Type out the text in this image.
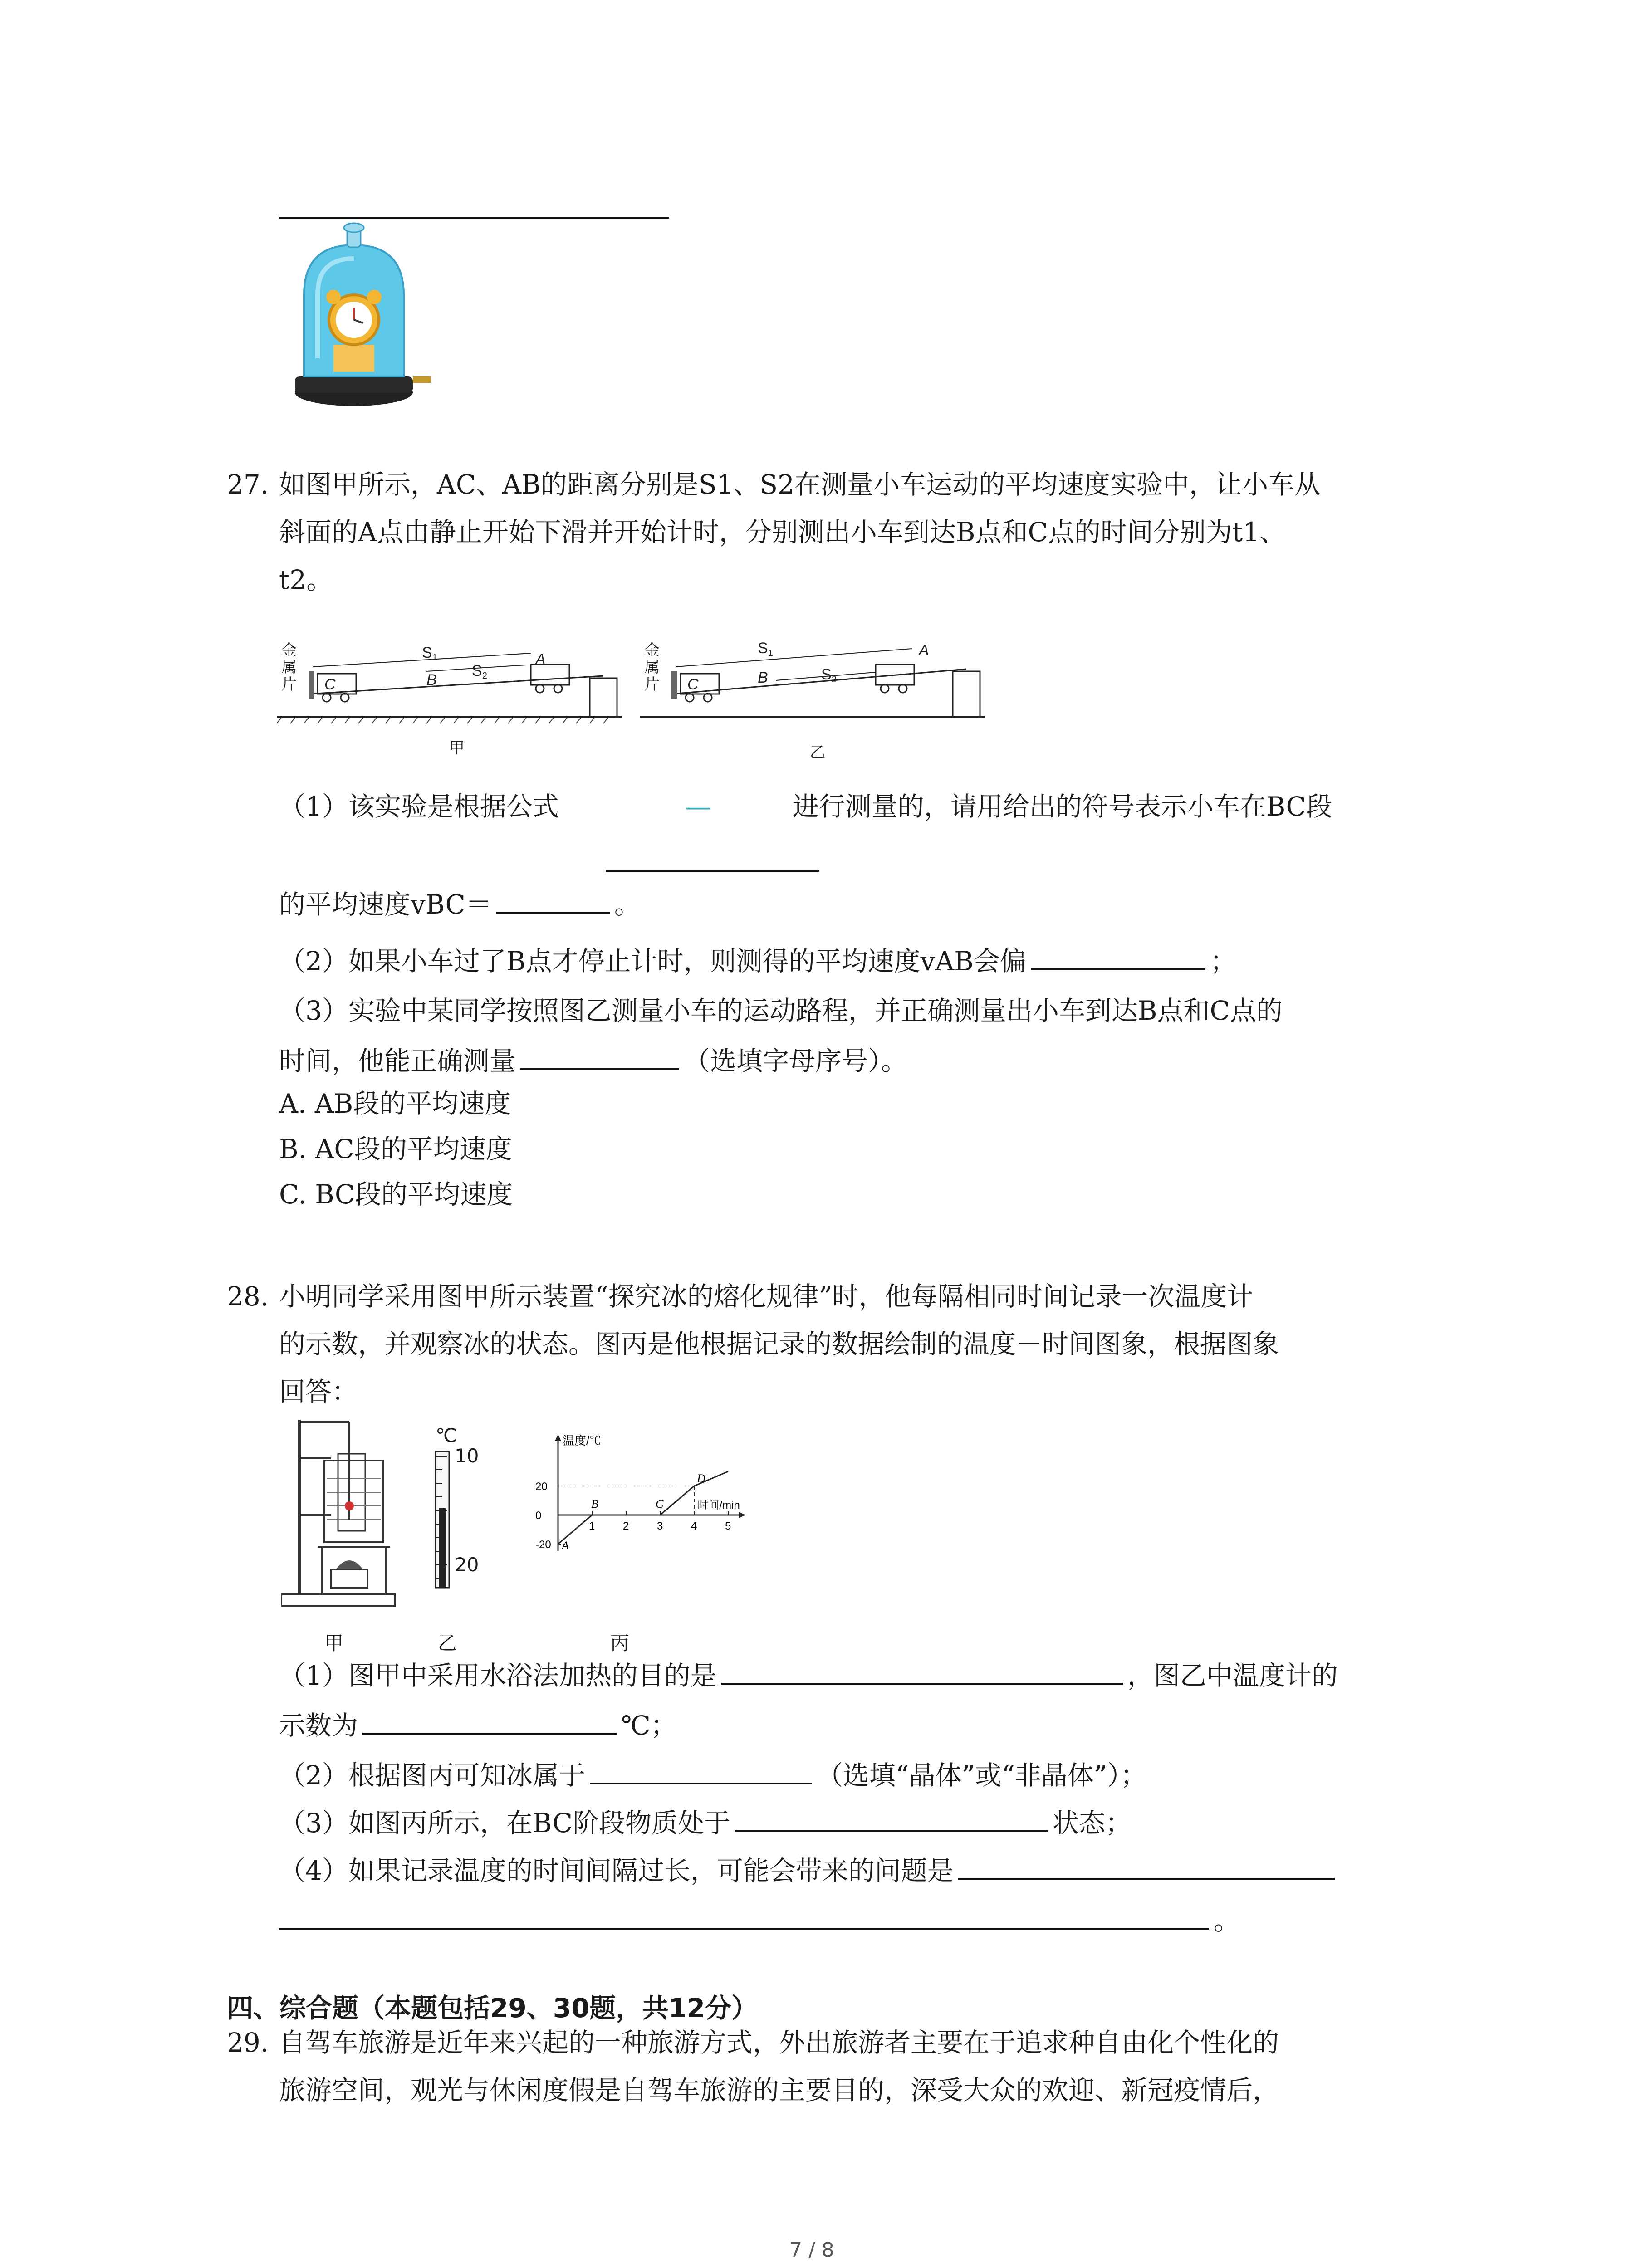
27. 如图甲所示，AC、AB的距离分别是S1、S2在测量小车运动的平均速度实验中，让小车从
斜面的A点由静止开始下滑并开始计时，分别测出小车到达B点和C点的时间分别为t1、
t2。
金
属
片 C
S1
B
S2
A
甲
金
属
片 C
S1
B	S2
A
乙
（1）该实验是根据公式	—	进行测量的，请用给出的符号表示小车在BC段
的平均速度vBC＝	。
（2）如果小车过了B点才停止计时，则测得的平均速度vAB会偏	；
（3）实验中某同学按照图乙测量小车的运动路程，并正确测量出小车到达B点和C点的
时间，他能正确测量	（选填字母序号）。
A. AB段的平均速度
B. AC段的平均速度
C. BC段的平均速度
28. 小明同学采用图甲所示装置“探究冰的熔化规律”时，他每隔相同时间记录一次温度计
的示数，并观察冰的状态。图丙是他根据记录的数据绘制的温度－时间图象，根据图象
回答：
℃
10
20
温度/℃
时间/min
1	2	3	4	5
20
0
-20 A
B	C
D
甲	乙	丙
（1）图甲中采用水浴法加热的目的是	，图乙中温度计的
示数为	℃；
（2）根据图丙可知冰属于	（选填“晶体”或“非晶体”）；
（3）如图丙所示，在BC阶段物质处于	状态；
（4）如果记录温度的时间间隔过长，可能会带来的问题是
。
四、综合题（本题包括29、30题，共12分）
29. 自驾车旅游是近年来兴起的一种旅游方式，外出旅游者主要在于追求种自由化个性化的
旅游空间，观光与休闲度假是自驾车旅游的主要目的，深受大众的欢迎、新冠疫情后，
7 / 8
